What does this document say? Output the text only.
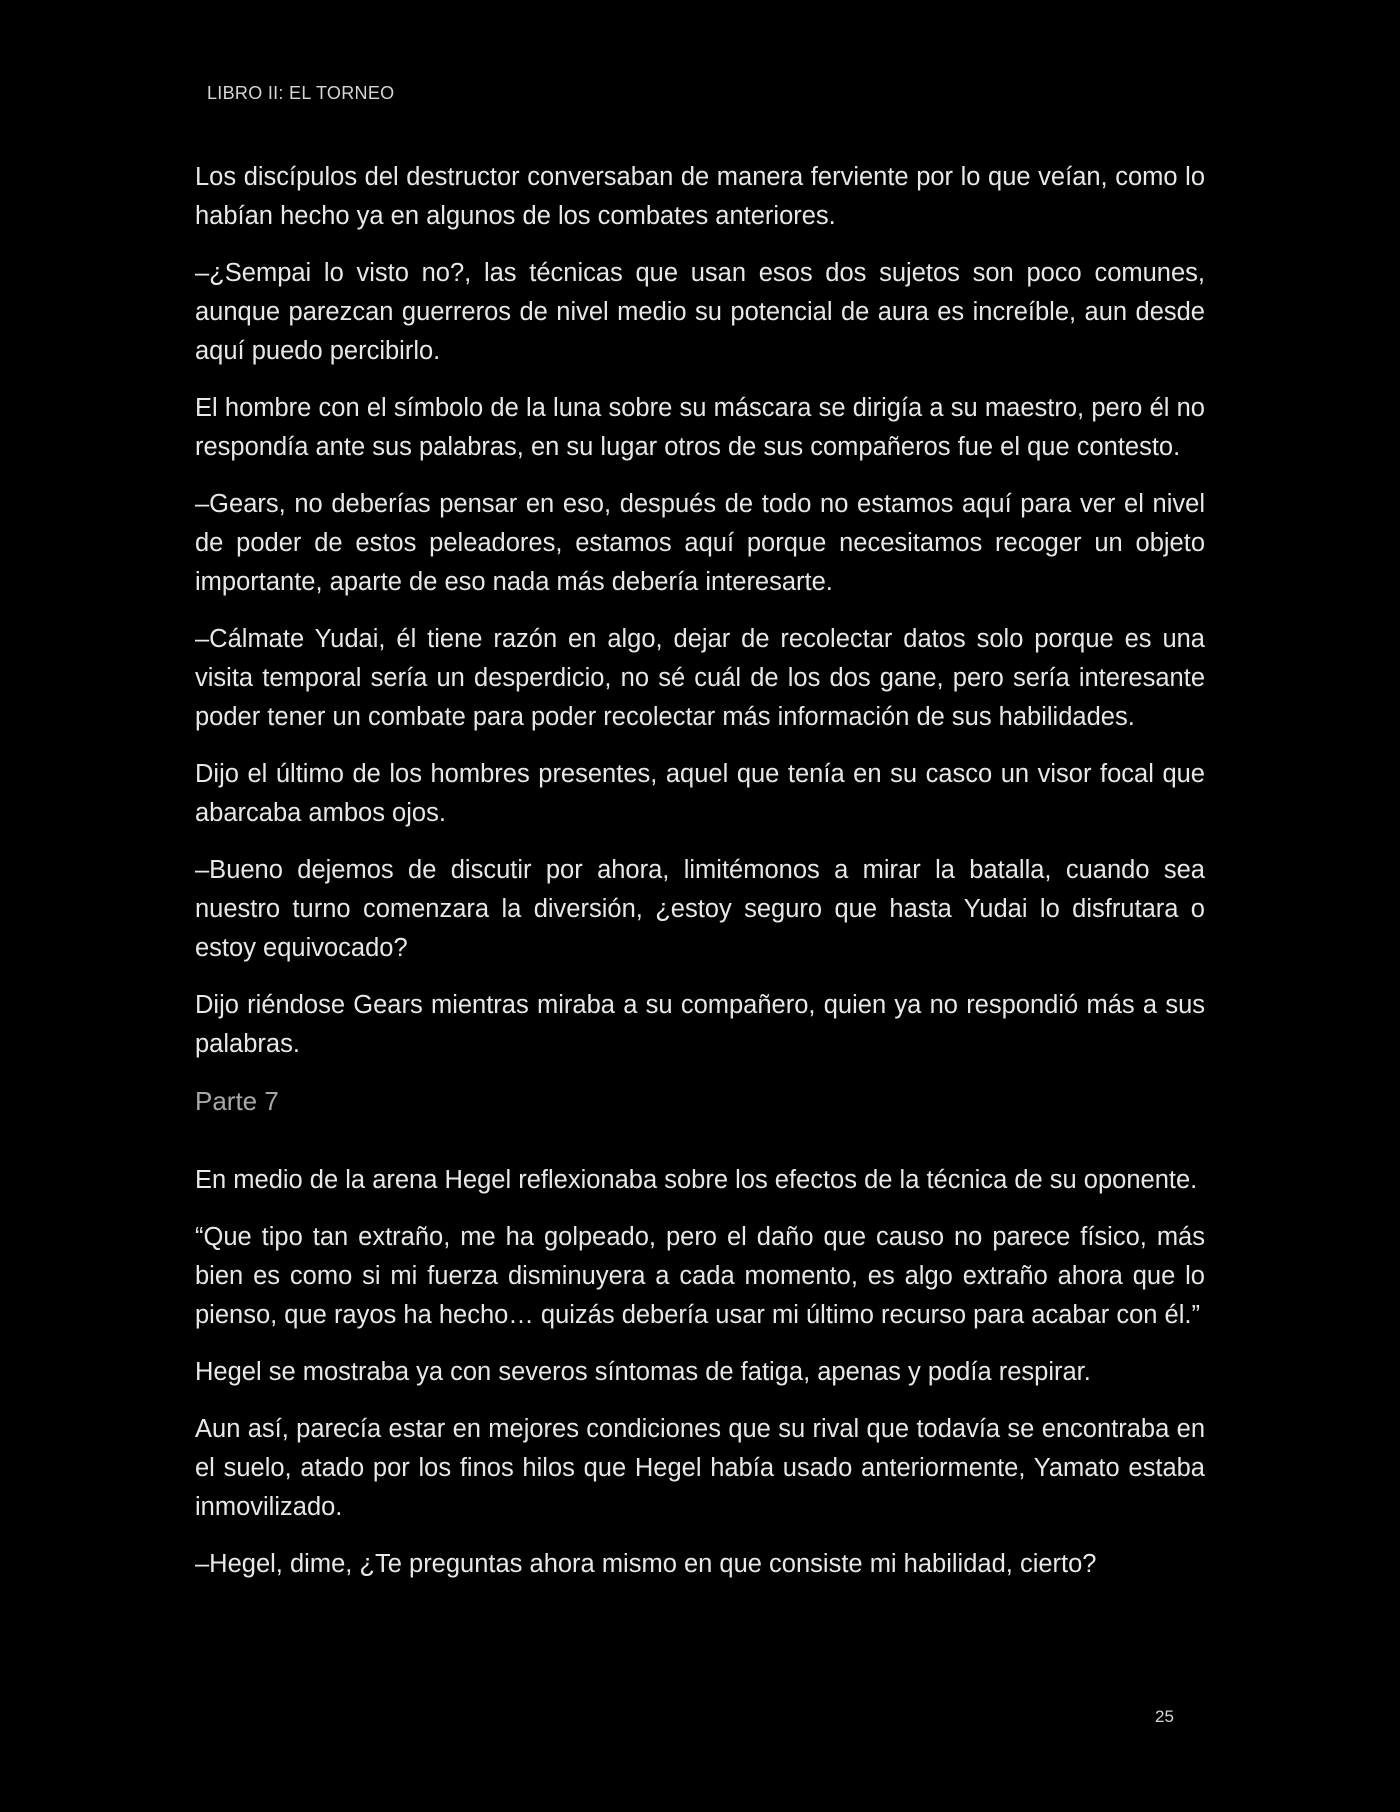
LIBRO II: EL TORNEO

Los discípulos del destructor conversaban de manera ferviente por lo que veían, como lo habían hecho ya en algunos de los combates anteriores.

–¿Sempai lo visto no?, las técnicas que usan esos dos sujetos son poco comunes, aunque parezcan guerreros de nivel medio su potencial de aura es increíble, aun desde aquí puedo percibirlo.

El hombre con el símbolo de la luna sobre su máscara se dirigía a su maestro, pero él no respondía ante sus palabras, en su lugar otros de sus compañeros fue el que contesto.

–Gears, no deberías pensar en eso, después de todo no estamos aquí para ver el nivel de poder de estos peleadores, estamos aquí porque necesitamos recoger un objeto importante, aparte de eso nada más debería interesarte.

–Cálmate Yudai, él tiene razón en algo, dejar de recolectar datos solo porque es una visita temporal sería un desperdicio, no sé cuál de los dos gane, pero sería interesante poder tener un combate para poder recolectar más información de sus habilidades.

Dijo el último de los hombres presentes, aquel que tenía en su casco un visor focal que abarcaba ambos ojos.

–Bueno dejemos de discutir por ahora, limitémonos a mirar la batalla, cuando sea nuestro turno comenzara la diversión, ¿estoy seguro que hasta Yudai lo disfrutara o estoy equivocado?

Dijo riéndose Gears mientras miraba a su compañero, quien ya no respondió más a sus palabras.

Parte 7

En medio de la arena Hegel reflexionaba sobre los efectos de la técnica de su oponente.

“Que tipo tan extraño, me ha golpeado, pero el daño que causo no parece físico, más bien es como si mi fuerza disminuyera a cada momento, es algo extraño ahora que lo pienso, que rayos ha hecho… quizás debería usar mi último recurso para acabar con él.”

Hegel se mostraba ya con severos síntomas de fatiga, apenas y podía respirar.

Aun así, parecía estar en mejores condiciones que su rival que todavía se encontraba en el suelo, atado por los finos hilos que Hegel había usado anteriormente, Yamato estaba inmovilizado.

–Hegel, dime, ¿Te preguntas ahora mismo en que consiste mi habilidad, cierto?

25
